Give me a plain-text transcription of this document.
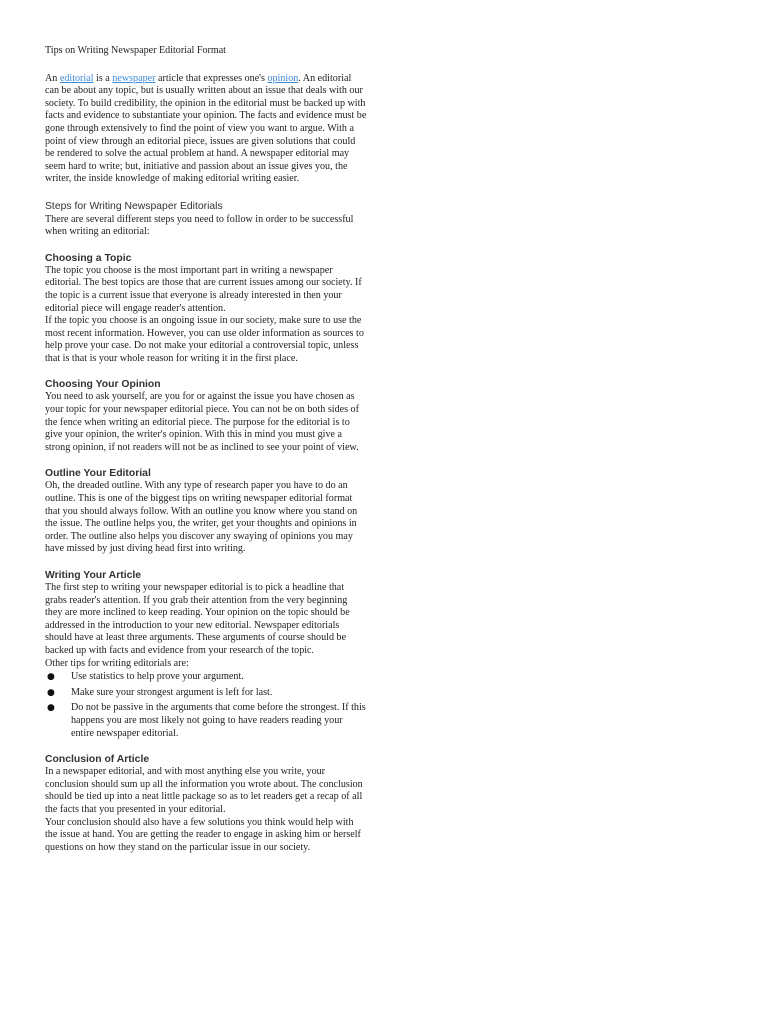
Tips on Writing Newspaper Editorial Format

An editorial is a newspaper article that expresses one's opinion. An editorial can be about any topic, but is usually written about an issue that deals with our society. To build credibility, the opinion in the editorial must be backed up with facts and evidence to substantiate your opinion. The facts and evidence must be gone through extensively to find the point of view you want to argue. With a point of view through an editorial piece, issues are given solutions that could be rendered to solve the actual problem at hand. A newspaper editorial may seem hard to write; but, initiative and passion about an issue gives you, the writer, the inside knowledge of making editorial writing easier.

Steps for Writing Newspaper Editorials

There are several different steps you need to follow in order to be successful when writing an editorial:

Choosing a Topic

The topic you choose is the most important part in writing a newspaper editorial. The best topics are those that are current issues among our society. If the topic is a current issue that everyone is already interested in then your editorial piece will engage reader's attention.

If the topic you choose is an ongoing issue in our society, make sure to use the most recent information. However, you can use older information as sources to help prove your case. Do not make your editorial a controversial topic, unless that is that is your whole reason for writing it in the first place.

Choosing Your Opinion

You need to ask yourself, are you for or against the issue you have chosen as your topic for your newspaper editorial piece. You can not be on both sides of the fence when writing an editorial piece. The purpose for the editorial is to give your opinion, the writer's opinion. With this in mind you must give a strong opinion, if not readers will not be as inclined to see your point of view.

Outline Your Editorial

Oh, the dreaded outline. With any type of research paper you have to do an outline. This is one of the biggest tips on writing newspaper editorial format that you should always follow. With an outline you know where you stand on the issue. The outline helps you, the writer, get your thoughts and opinions in order. The outline also helps you discover any swaying of opinions you may have missed by just diving head first into writing.

Writing Your Article

The first step to writing your newspaper editorial is to pick a headline that grabs reader's attention. If you grab their attention from the very beginning they are more inclined to keep reading. Your opinion on the topic should be addressed in the introduction to your new editorial. Newspaper editorials should have at least three arguments. These arguments of course should be backed up with facts and evidence from your research of the topic.

Other tips for writing editorials are:

● Use statistics to help prove your argument.
● Make sure your strongest argument is left for last.
● Do not be passive in the arguments that come before the strongest. If this happens you are most likely not going to have readers reading your entire newspaper editorial.
Conclusion of Article

In a newspaper editorial, and with most anything else you write, your conclusion should sum up all the information you wrote about. The conclusion should be tied up into a neat little package so as to let readers get a recap of all the facts that you presented in your editorial.

Your conclusion should also have a few solutions you think would help with the issue at hand. You are getting the reader to engage in asking him or herself questions on how they stand on the particular issue in our society.
